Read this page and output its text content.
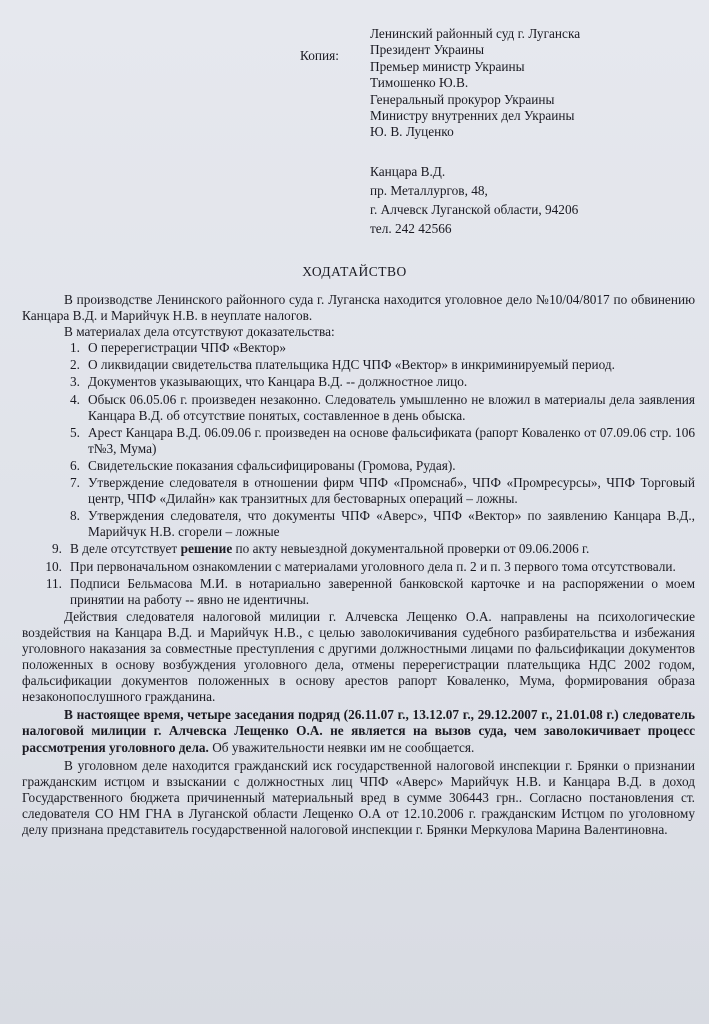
Копия:
Ленинский районный суд г. Луганска
Президент Украины
Премьер министр Украины
Тимошенко Ю.В.
Генеральный прокурор Украины
Министру внутренних дел Украины
Ю. В. Луценко
Канцара В.Д.
пр. Металлургов, 48,
г. Алчевск Луганской области, 94206
тел. 242 42566
ХОДАТАЙСТВО

В производстве Ленинского районного суда г. Луганска находится уголовное дело №10/04/8017 по обвинению Канцара В.Д. и Марийчук Н.В. в неуплате налогов.

В материалах дела отсутствуют доказательства:

1. О перерегистрации ЧПФ «Вектор»
2. О ликвидации свидетельства плательщика НДС ЧПФ «Вектор» в инкриминируемый период.
3. Документов указывающих, что Канцара В.Д. -- должностное лицо.
4. Обыск 06.05.06 г. произведен незаконно. Следователь умышленно не вложил в материалы дела заявления Канцара В.Д. об отсутствие понятых, составленное в день обыска.
5. Арест Канцара В.Д. 06.09.06 г. произведен на основе фальсификата (рапорт Коваленко от 07.09.06 стр. 106 т№3, Мума)
6. Свидетельские показания сфальсифицированы (Громова, Рудая).
7. Утверждение следователя в отношении фирм ЧПФ «Промснаб», ЧПФ «Промресурсы», ЧПФ Торговый центр, ЧПФ «Дилайн» как транзитных для бестоварных операций – ложны.
8. Утверждения следователя, что документы ЧПФ «Аверс», ЧПФ «Вектор» по заявлению Канцара В.Д., Марийчук Н.В. сгорели – ложные
9. В деле отсутствует решение по акту невыездной документальной проверки от 09.06.2006 г.
10. При первоначальном ознакомлении с материалами уголовного дела п. 2 и п. 3 первого тома отсутствовали.
11. Подписи Бельмасова М.И. в нотариально заверенной банковской карточке и на распоряжении о моем принятии на работу -- явно не идентичны.

Действия следователя налоговой милиции г. Алчевска Лещенко О.А. направлены на психологические воздействия на Канцара В.Д. и Марийчук Н.В., с целью заволокичивания судебного разбирательства и избежания уголовного наказания за совместные преступления с другими должностными лицами по фальсификации документов положенных в основу возбуждения уголовного дела, отмены перерегистрации плательщика НДС 2002 годом, фальсификации документов положенных в основу арестов рапорт Коваленко, Мума, формирования образа незаконопослушного гражданина.

В настоящее время, четыре заседания подряд (26.11.07 г., 13.12.07 г., 29.12.2007 г., 21.01.08 г.) следователь налоговой милиции г. Алчевска Лещенко О.А. не является на вызов суда, чем заволокичивает процесс рассмотрения уголовного дела. Об уважительности неявки им не сообщается.

В уголовном деле находится гражданский иск государственной налоговой инспекции г. Брянки о признании гражданским истцом и взыскании с должностных лиц ЧПФ «Аверс» Марийчук Н.В. и Канцара В.Д. в доход Государственного бюджета причиненный материальный вред в сумме 306443 грн.. Согласно постановления ст. следователя СО НМ ГНА в Луганской области Лещенко О.А от 12.10.2006 г. гражданским Истцом по уголовному делу признана представитель государственной налоговой инспекции г. Брянки Меркулова Марина Валентиновна.
